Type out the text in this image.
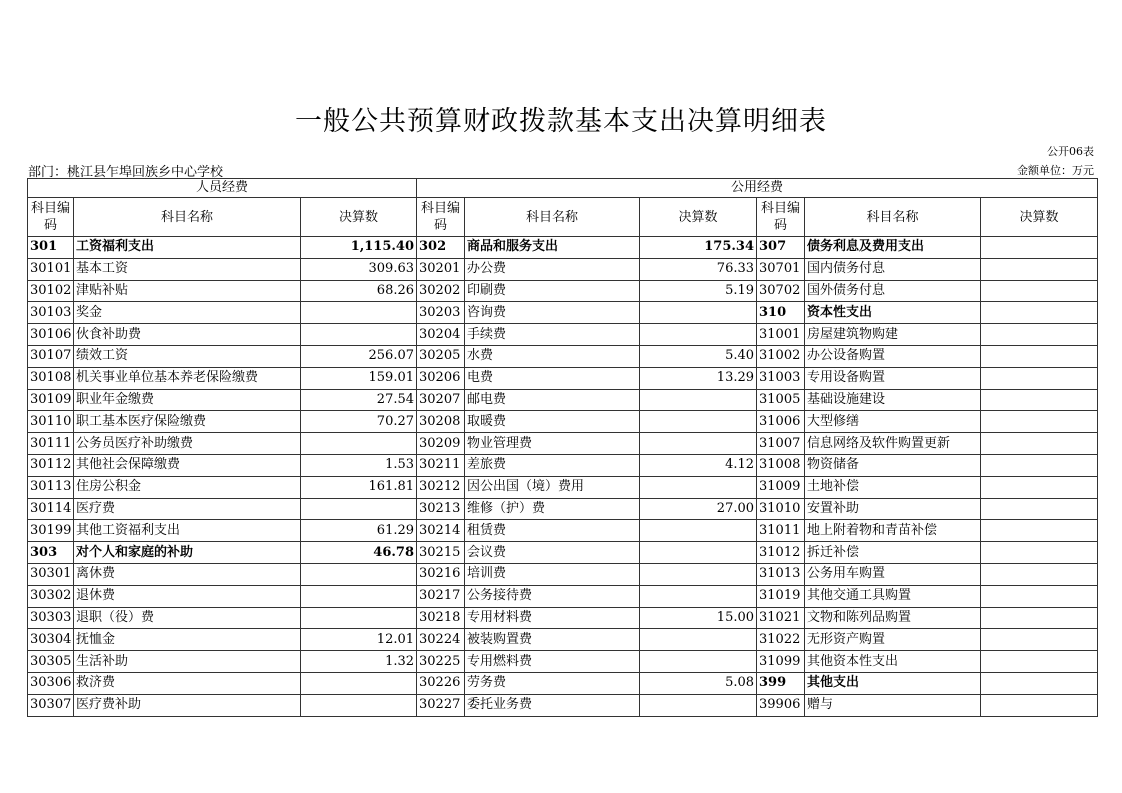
一般公共预算财政拨款基本支出决算明细表
公开06表
部门：桃江县乍埠回族乡中心学校	金额单位：万元
人员经费			公用经费					
科目编码	科目名称	决算数	科目编码	科目名称	决算数	科目编码	科目名称	决算数
301	工资福利支出	1,115.40	302	商品和服务支出	175.34	307	债务利息及费用支出	
30101	基本工资	309.63	30201	办公费	76.33	30701	国内债务付息	
30102	津贴补贴	68.26	30202	印刷费	5.19	30702	国外债务付息	
30103	奖金		30203	咨询费		310	资本性支出	
30106	伙食补助费		30204	手续费		31001	房屋建筑物购建	
30107	绩效工资	256.07	30205	水费	5.40	31002	办公设备购置	
30108	机关事业单位基本养老保险缴费	159.01	30206	电费	13.29	31003	专用设备购置	
30109	职业年金缴费	27.54	30207	邮电费		31005	基础设施建设	
30110	职工基本医疗保险缴费	70.27	30208	取暖费		31006	大型修缮	
30111	公务员医疗补助缴费		30209	物业管理费		31007	信息网络及软件购置更新	
30112	其他社会保障缴费	1.53	30211	差旅费	4.12	31008	物资储备	
30113	住房公积金	161.81	30212	因公出国（境）费用		31009	土地补偿	
30114	医疗费		30213	维修（护）费	27.00	31010	安置补助	
30199	其他工资福利支出	61.29	30214	租赁费		31011	地上附着物和青苗补偿	
303	对个人和家庭的补助	46.78	30215	会议费		31012	拆迁补偿	
30301	离休费		30216	培训费		31013	公务用车购置	
30302	退休费		30217	公务接待费		31019	其他交通工具购置	
30303	退职（役）费		30218	专用材料费	15.00	31021	文物和陈列品购置	
30304	抚恤金	12.01	30224	被装购置费		31022	无形资产购置	
30305	生活补助	1.32	30225	专用燃料费		31099	其他资本性支出	
30306	救济费		30226	劳务费	5.08	399	其他支出	
30307	医疗费补助		30227	委托业务费		39906	赠与	
